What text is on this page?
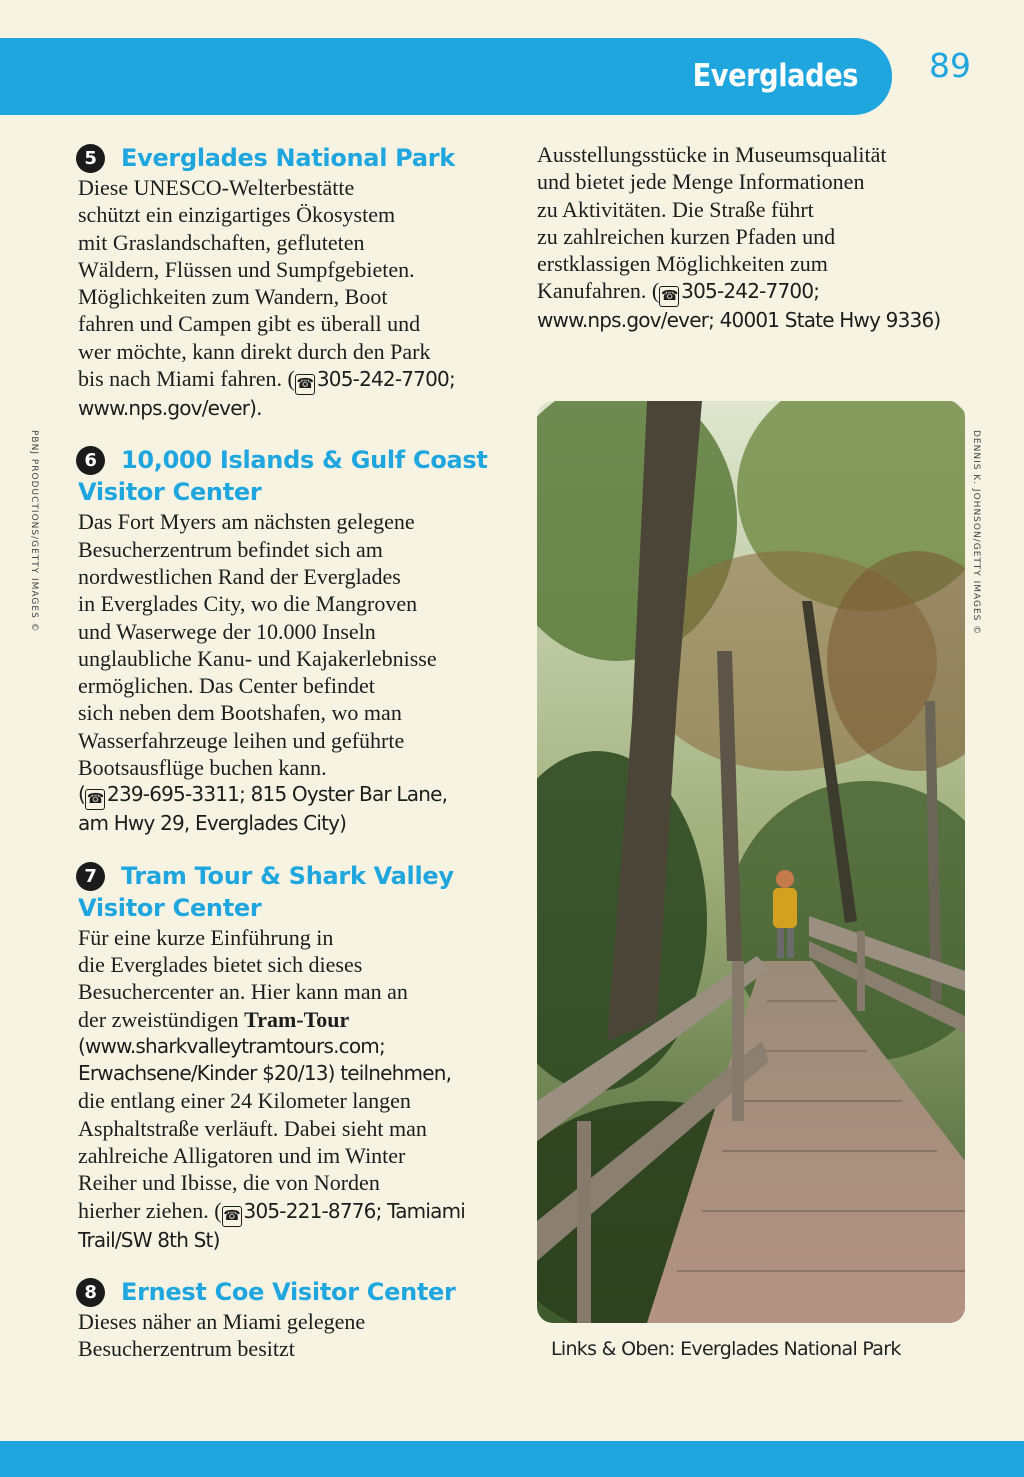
Everglades 89
PBNJ PRODUCTIONS/GETTY IMAGES ©	DENNIS K. JOHNSON/GETTY IMAGES ©
5	Everglades National Park
Diese UNESCO-Welterbestätte
schützt ein einzigartiges Ökosystem
mit Graslandschaften, gefluteten
Wäldern, Flüssen und Sumpfgebieten.
Möglichkeiten zum Wandern, Boot
fahren und Campen gibt es überall und
wer möchte, kann direkt durch den Park
bis nach Miami fahren. ( ☎ 305-242-7700;
www.nps.gov/ever).
6	10,000 Islands & Gulf Coast
Visitor Center
Das Fort Myers am nächsten gelegene
Besucherzentrum befindet sich am
nordwestlichen Rand der Everglades
in Everglades City, wo die Mangroven
und Waserwege der 10.000 Inseln
unglaubliche Kanu- und Kajakerlebnisse
ermöglichen. Das Center befindet
sich neben dem Bootshafen, wo man
Wasserfahrzeuge leihen und geführte
Bootsausflüge buchen kann.
( ☎ 239-695-3311; 815 Oyster Bar Lane,
am Hwy 29, Everglades City)
7	Tram Tour & Shark Valley
Visitor Center
Für eine kurze Einführung in
die Everglades bietet sich dieses
Besuchercenter an. Hier kann man an
der zweistündigen Tram-Tour
(www.sharkvalleytramtours.com;
Erwachsene/Kinder $20/13) teilnehmen,
die entlang einer 24 Kilometer langen
Asphaltstraße verläuft. Dabei sieht man
zahlreiche Alligatoren und im Winter
Reiher und Ibisse, die von Norden
hierher ziehen. ( ☎ 305-221-8776; Tamiami
Trail/SW 8th St)
8	Ernest Coe Visitor Center
Dieses näher an Miami gelegene
Besucherzentrum besitzt
Ausstellungsstücke in Museumsqualität
und bietet jede Menge Informationen
zu Aktivitäten. Die Straße führt
zu zahlreichen kurzen Pfaden und
erstklassigen Möglichkeiten zum
Kanufahren. ( ☎ 305-242-7700;
www.nps.gov/ever; 40001 State Hwy 9336)
Links & Oben: Everglades National Park
